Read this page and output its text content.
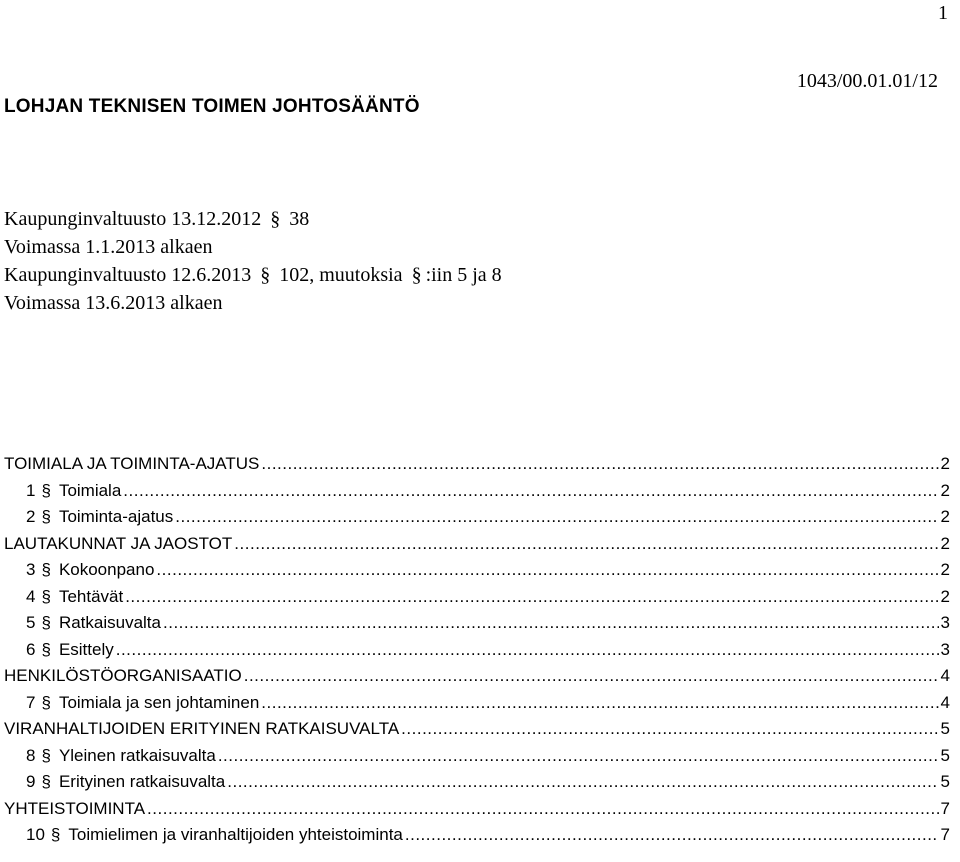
1
1043/00.01.01/12
LOHJAN TEKNISEN TOIMEN JOHTOSÄÄNTÖ
Kaupunginvaltuusto 13.12.2012 § 38
Voimassa 1.1.2013 alkaen
Kaupunginvaltuusto 12.6.2013 § 102, muutoksia § :iin 5 ja 8
Voimassa 13.6.2013 alkaen
TOIMIALA JA TOIMINTA-AJATUS .....	2
1 § Toimiala .....	2
2 § Toiminta-ajatus .....	2
LAUTAKUNNAT JA JAOSTOT .....	2
3 § Kokoonpano .....	2
4 § Tehtävät .....	2
5 § Ratkaisuvalta .....	3
6 § Esittely .....	3
HENKILÖSTÖORGANISAATIO .....	4
7 § Toimiala ja sen johtaminen .....	4
VIRANHALTIJOIDEN ERITYINEN RATKAISUVALTA .....	5
8 § Yleinen ratkaisuvalta .....	5
9 § Erityinen ratkaisuvalta .....	5
YHTEISTOIMINTA .....	7
10 § Toimielimen ja viranhaltijoiden yhteistoiminta .....	7
